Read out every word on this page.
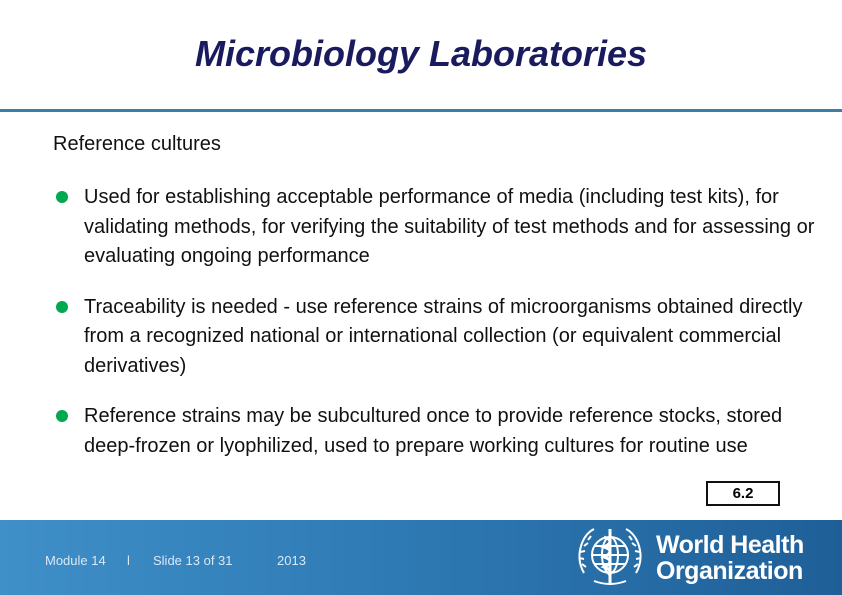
Microbiology Laboratories
Reference cultures
Used for establishing acceptable performance of media (including test kits), for validating methods, for verifying the suitability of test methods and for assessing or evaluating ongoing performance
Traceability is needed - use reference strains of microorganisms obtained directly from a recognized national or international collection (or equivalent commercial derivatives)
Reference strains may be subcultured once to provide reference stocks, stored deep-frozen or lyophilized, used to prepare working cultures for routine use
6.2
Module 14 l Slide 13 of 31	2013
World Health
Organization
